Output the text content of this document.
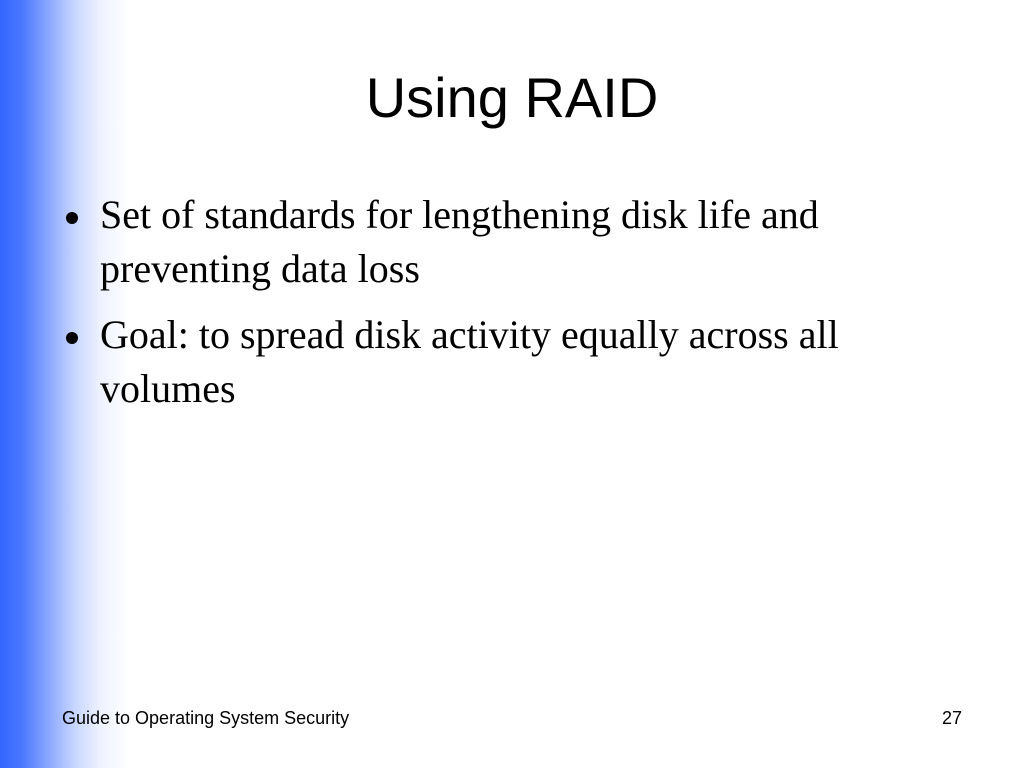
Using RAID
Set of standards for lengthening disk life and preventing data loss
Goal: to spread disk activity equally across all volumes
Guide to Operating System Security	27
